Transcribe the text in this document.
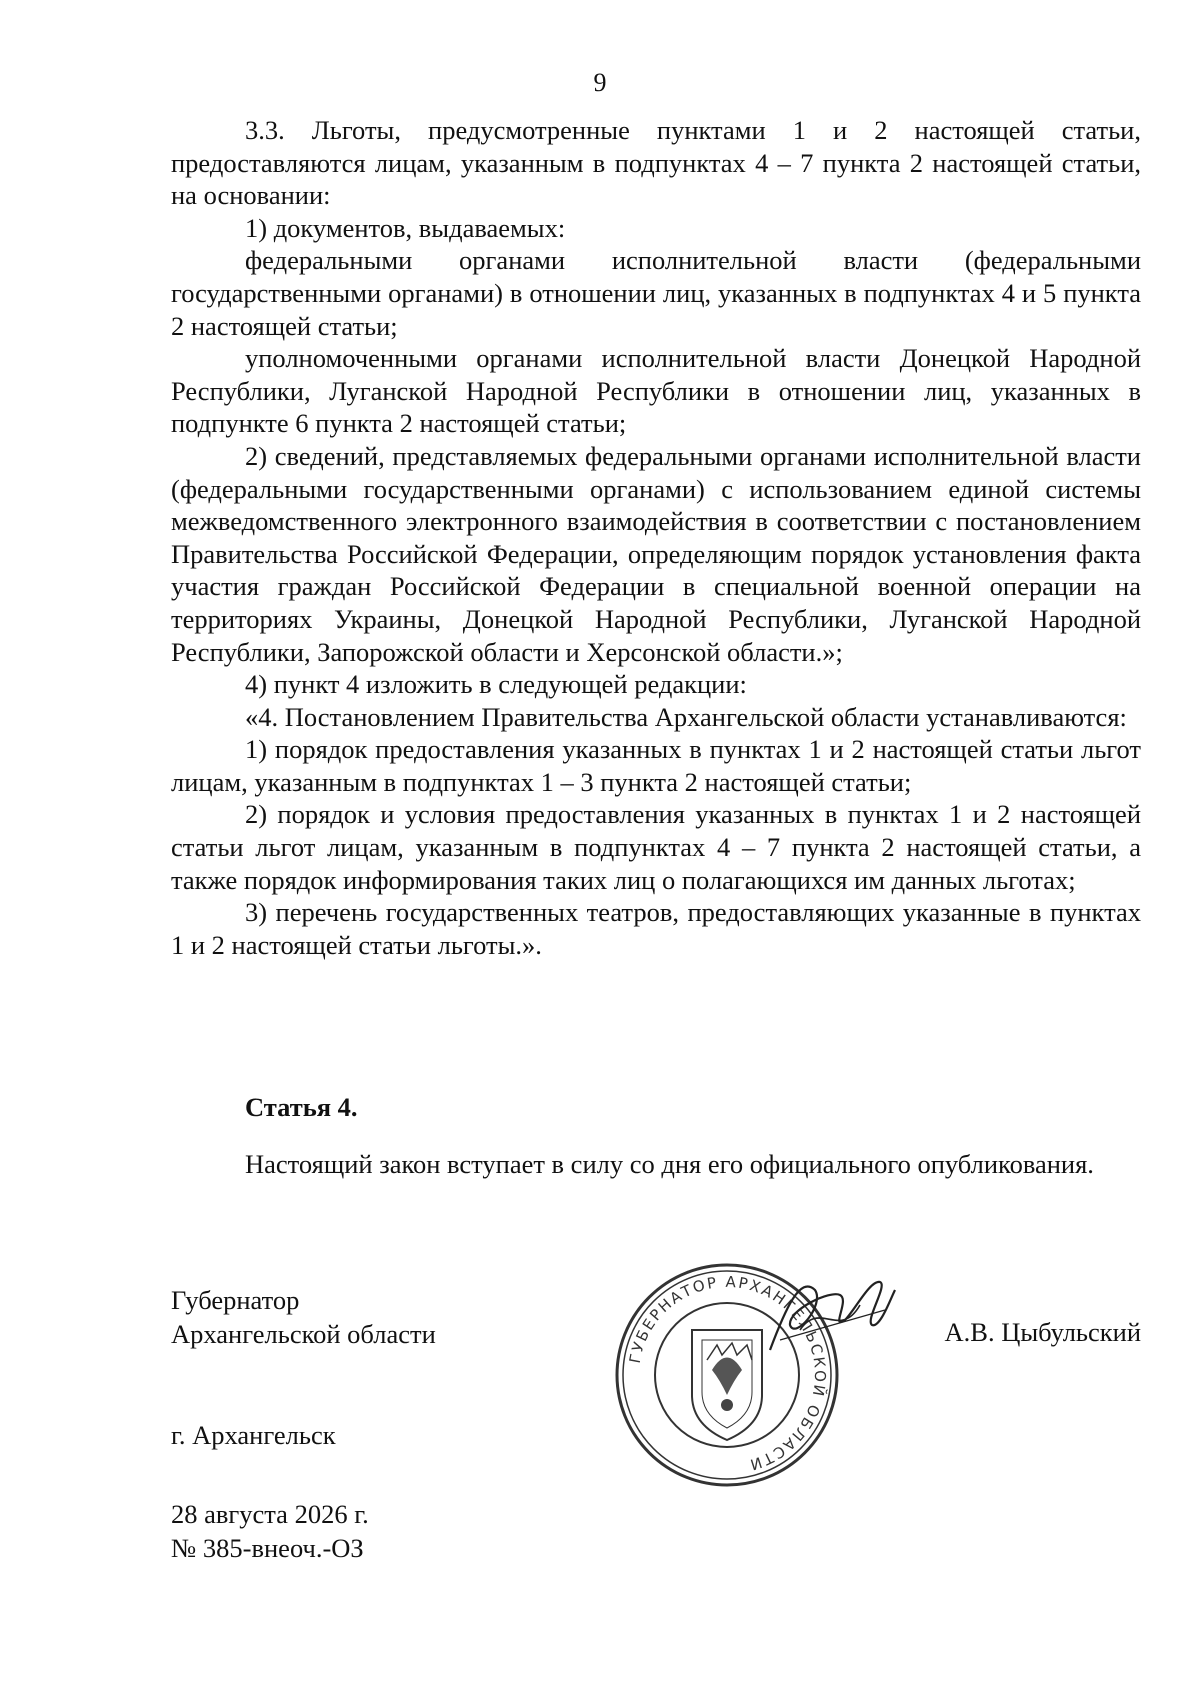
9

3.3. Льготы, предусмотренные пунктами 1 и 2 настоящей статьи, предоставляются лицам, указанным в подпунктах 4 – 7 пункта 2 настоящей статьи, на основании:

1) документов, выдаваемых:

федеральными органами исполнительной власти (федеральными государственными органами) в отношении лиц, указанных в подпунктах 4 и 5 пункта 2 настоящей статьи;

уполномоченными органами исполнительной власти Донецкой Народной Республики, Луганской Народной Республики в отношении лиц, указанных в подпункте 6 пункта 2 настоящей статьи;

2) сведений, представляемых федеральными органами исполнительной власти (федеральными государственными органами) с использованием единой системы межведомственного электронного взаимодействия в соответствии с постановлением Правительства Российской Федерации, определяющим порядок установления факта участия граждан Российской Федерации в специальной военной операции на территориях Украины, Донецкой Народной Республики, Луганской Народной Республики, Запорожской области и Херсонской области.»;

4) пункт 4 изложить в следующей редакции:

«4. Постановлением Правительства Архангельской области устанавливаются:

1) порядок предоставления указанных в пунктах 1 и 2 настоящей статьи льгот лицам, указанным в подпунктах 1 – 3 пункта 2 настоящей статьи;

2) порядок и условия предоставления указанных в пунктах 1 и 2 настоящей статьи льгот лицам, указанным в подпунктах 4 – 7 пункта 2 настоящей статьи, а также порядок информирования таких лиц о полагающихся им данных льготах;

3) перечень государственных театров, предоставляющих указанные в пунктах 1 и 2 настоящей статьи льготы.».

Статья 4.

Настоящий закон вступает в силу со дня его официального опубликования.

Губернатор
Архангельской области	А.В. Цыбульский
ГУБЕРНАТОР АРХАНГЕЛЬСКОЙ ОБЛАСТИ
г. Архангельск
28 августа 2026 г.
№ 385-внеоч.-ОЗ
